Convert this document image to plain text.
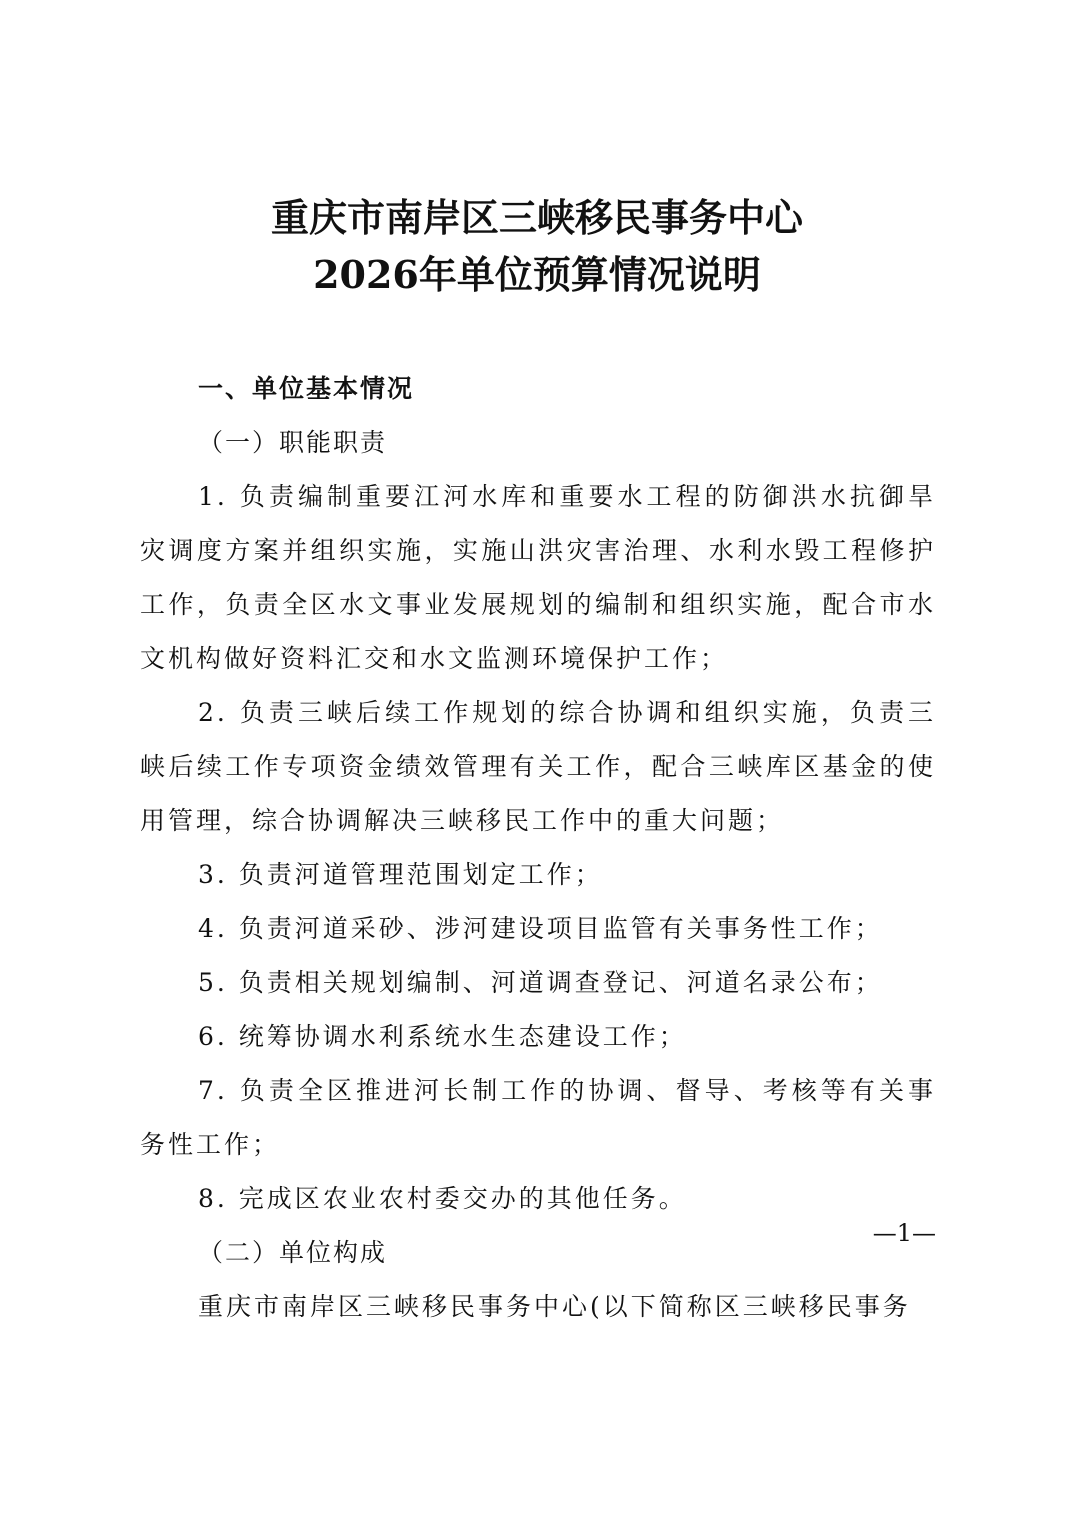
重庆市南岸区三峡移民事务中心
2026年单位预算情况说明

一、单位基本情况

（一）职能职责

1. 负责编制重要江河水库和重要水工程的防御洪水抗御旱灾调度方案并组织实施，实施山洪灾害治理、水利水毁工程修护工作，负责全区水文事业发展规划的编制和组织实施，配合市水文机构做好资料汇交和水文监测环境保护工作；

2. 负责三峡后续工作规划的综合协调和组织实施，负责三峡后续工作专项资金绩效管理有关工作，配合三峡库区基金的使用管理，综合协调解决三峡移民工作中的重大问题；

3. 负责河道管理范围划定工作；

4. 负责河道采砂、涉河建设项目监管有关事务性工作；

5. 负责相关规划编制、河道调查登记、河道名录公布；

6. 统筹协调水利系统水生态建设工作；

7. 负责全区推进河长制工作的协调、督导、考核等有关事务性工作；

8. 完成区农业农村委交办的其他任务。

（二）单位构成

重庆市南岸区三峡移民事务中心(以下简称区三峡移民事务

—1—
